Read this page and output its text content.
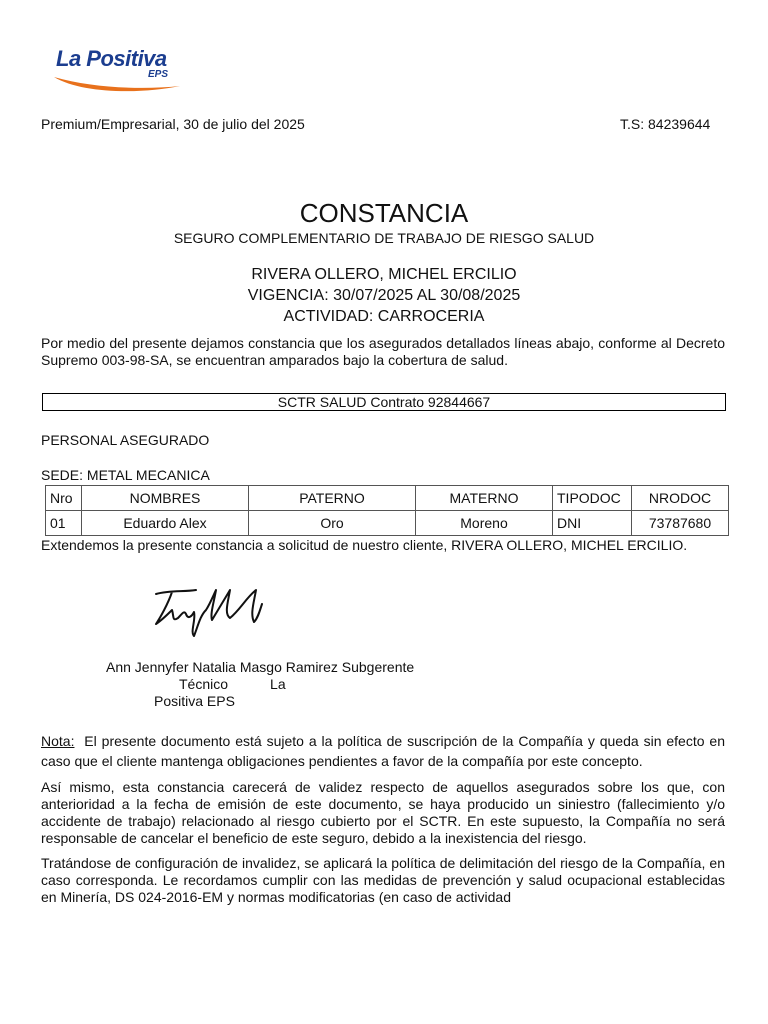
La Positiva
EPS
Premium/Empresarial, 30 de julio del 2025	T.S: 84239644
CONSTANCIA
SEGURO COMPLEMENTARIO DE TRABAJO DE RIESGO SALUD
RIVERA OLLERO, MICHEL ERCILIO
VIGENCIA: 30/07/2025 AL 30/08/2025
ACTIVIDAD: CARROCERIA
Por medio del presente dejamos constancia que los asegurados detallados líneas abajo, conforme al Decreto Supremo 003-98-SA, se encuentran amparados bajo la cobertura de salud.
SCTR SALUD Contrato 92844667
PERSONAL ASEGURADO
SEDE: METAL MECANICA
Nro	NOMBRES	PATERNO	MATERNO	TIPODOC	NRODOC
01	Eduardo Alex	Oro	Moreno	DNI	73787680
Extendemos la presente constancia a solicitud de nuestro cliente, RIVERA OLLERO, MICHEL ERCILIO.
Ann Jennyfer Natalia Masgo Ramirez Subgerente
Técnico	La
Positiva EPS
Nota: El presente documento está sujeto a la política de suscripción de la Compañía y queda sin efecto en caso que el cliente mantenga obligaciones pendientes a favor de la compañía por este concepto.
Así mismo, esta constancia carecerá de validez respecto de aquellos asegurados sobre los que, con anterioridad a la fecha de emisión de este documento, se haya producido un siniestro (fallecimiento y/o accidente de trabajo) relacionado al riesgo cubierto por el SCTR. En este supuesto, la Compañía no será responsable de cancelar el beneficio de este seguro, debido a la inexistencia del riesgo.
Tratándose de configuración de invalidez, se aplicará la política de delimitación del riesgo de la Compañía, en caso corresponda. Le recordamos cumplir con las medidas de prevención y salud ocupacional establecidas en Minería, DS 024-2016-EM y normas modificatorias (en caso de actividad
